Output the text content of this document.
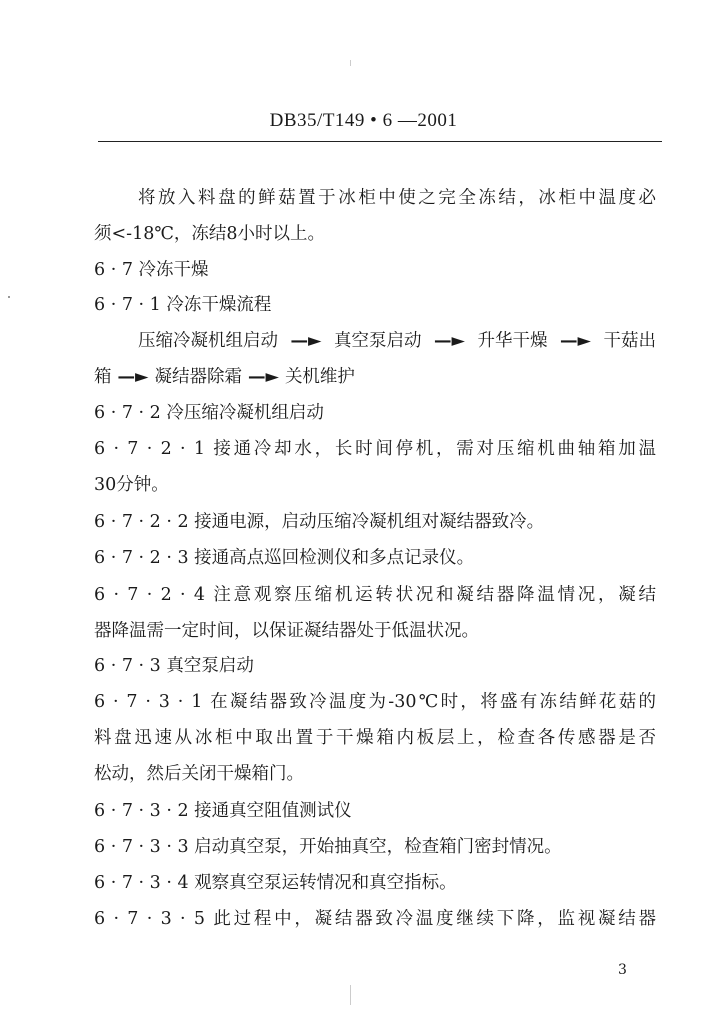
DB35/T149 • 6 —2001
将放入料盘的鲜菇置于冰柜中使之完全冻结，冰柜中温度必
须<-18℃，冻结8小时以上。
6 · 7 冷冻干燥
6 · 7 · 1 冷冻干燥流程
压缩冷凝机组启动 —► 真空泵启动 —► 升华干燥 —► 干菇出
箱 —► 凝结器除霜 —► 关机维护
6 · 7 · 2 冷压缩冷凝机组启动
6 · 7 · 2 · 1 接通冷却水，长时间停机，需对压缩机曲轴箱加温
30分钟。
6 · 7 · 2 · 2 接通电源，启动压缩冷凝机组对凝结器致冷。
6 · 7 · 2 · 3 接通高点巡回检测仪和多点记录仪。
6 · 7 · 2 · 4 注意观察压缩机运转状况和凝结器降温情况，凝结
器降温需一定时间，以保证凝结器处于低温状况。
6 · 7 · 3 真空泵启动
6 · 7 · 3 · 1 在凝结器致冷温度为-30℃时，将盛有冻结鲜花菇的
料盘迅速从冰柜中取出置于干燥箱内板层上，检查各传感器是否
松动，然后关闭干燥箱门。
6 · 7 · 3 · 2 接通真空阻值测试仪
6 · 7 · 3 · 3 启动真空泵，开始抽真空，检查箱门密封情况。
6 · 7 · 3 · 4 观察真空泵运转情况和真空指标。
6 · 7 · 3 · 5 此过程中，凝结器致冷温度继续下降，监视凝结器
3
